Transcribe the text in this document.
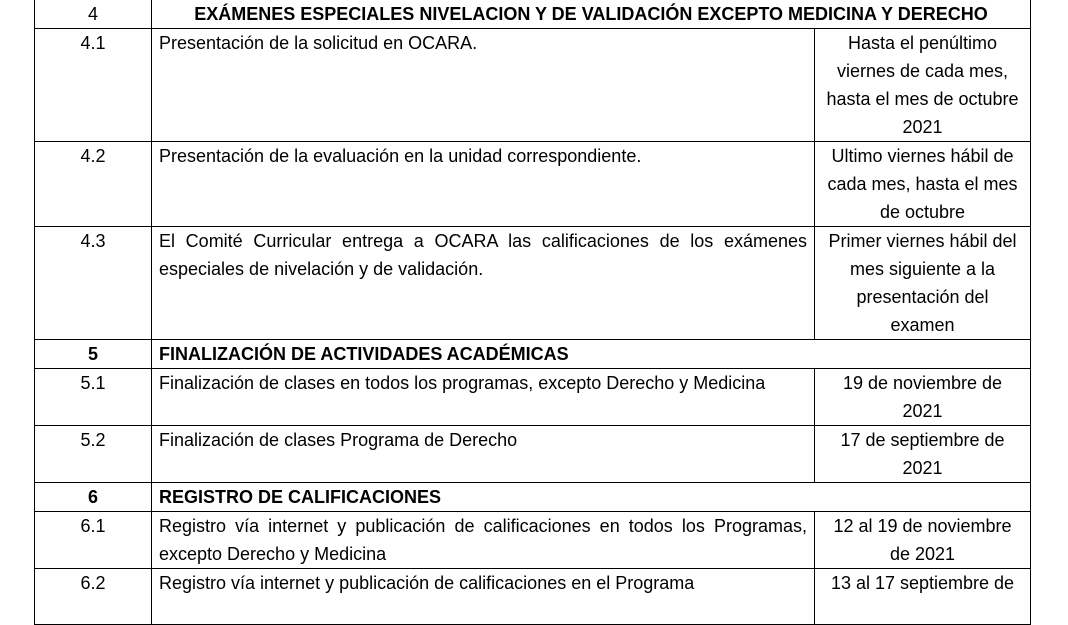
4	EXÁMENES ESPECIALES NIVELACION Y DE VALIDACIÓN EXCEPTO MEDICINA Y DERECHO	
4.1	Presentación de la solicitud en OCARA.	Hasta el penúltimo viernes de cada mes, hasta el mes de octubre 2021
4.2	Presentación de la evaluación en la unidad correspondiente.	Ultimo viernes hábil de cada mes, hasta el mes de octubre
4.3	El Comité Curricular entrega a OCARA las calificaciones de los exámenes especiales de nivelación y de validación.	Primer viernes hábil del mes siguiente a la presentación del examen
5	FINALIZACIÓN DE ACTIVIDADES ACADÉMICAS	
5.1	Finalización de clases en todos los programas, excepto Derecho y Medicina	19 de noviembre de 2021
5.2	Finalización de clases Programa de Derecho	17 de septiembre de 2021
6	REGISTRO DE CALIFICACIONES	
6.1	Registro vía internet y publicación de calificaciones en todos los Programas, excepto Derecho y Medicina	12 al 19 de noviembre de 2021
6.2	Registro vía internet y publicación de calificaciones en el Programa	13 al 17 septiembre de
